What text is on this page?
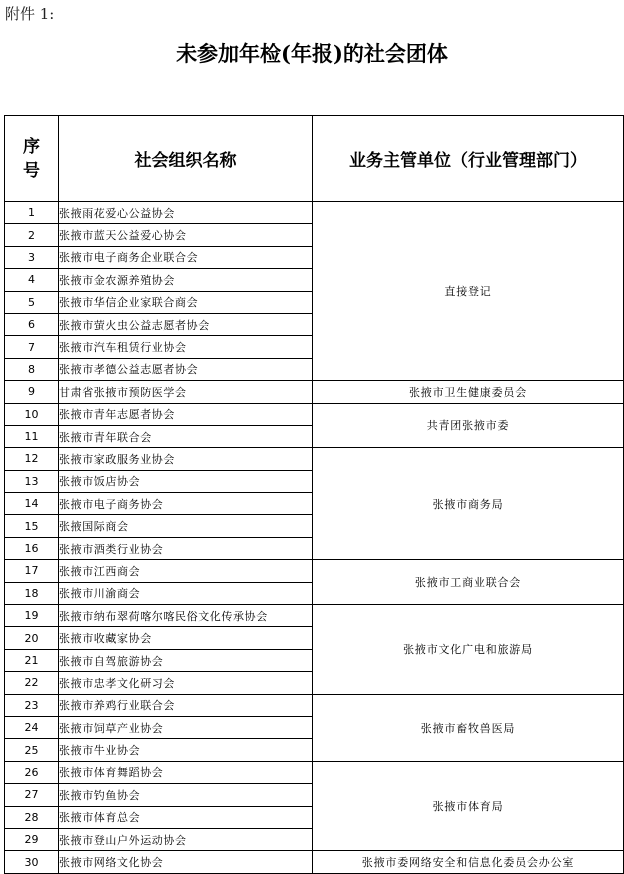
附件 1:
未参加年检(年报)的社会团体
序
号	社会组织名称	业务主管单位（行业管理部门）
1	张掖雨花爱心公益协会	直接登记
2	张掖市蓝天公益爱心协会	
3	张掖市电子商务企业联合会	
4	张掖市金农源养殖协会	
5	张掖市华信企业家联合商会	
6	张掖市萤火虫公益志愿者协会	
7	张掖市汽车租赁行业协会	
8	张掖市孝德公益志愿者协会	
9	甘肃省张掖市预防医学会	张掖市卫生健康委员会
10	张掖市青年志愿者协会	共青团张掖市委
11	张掖市青年联合会	
12	张掖市家政服务业协会	张掖市商务局
13	张掖市饭店协会	
14	张掖市电子商务协会	
15	张掖国际商会	
16	张掖市酒类行业协会	
17	张掖市江西商会	张掖市工商业联合会
18	张掖市川渝商会	
19	张掖市纳布翠荷喀尔喀民俗文化传承协会	张掖市文化广电和旅游局
20	张掖市收藏家协会	
21	张掖市自驾旅游协会	
22	张掖市忠孝文化研习会	
23	张掖市养鸡行业联合会	张掖市畜牧兽医局
24	张掖市饲草产业协会	
25	张掖市牛业协会	
26	张掖市体育舞蹈协会	张掖市体育局
27	张掖市钓鱼协会	
28	张掖市体育总会	
29	张掖市登山户外运动协会	
30	张掖市网络文化协会	张掖市委网络安全和信息化委员会办公室
